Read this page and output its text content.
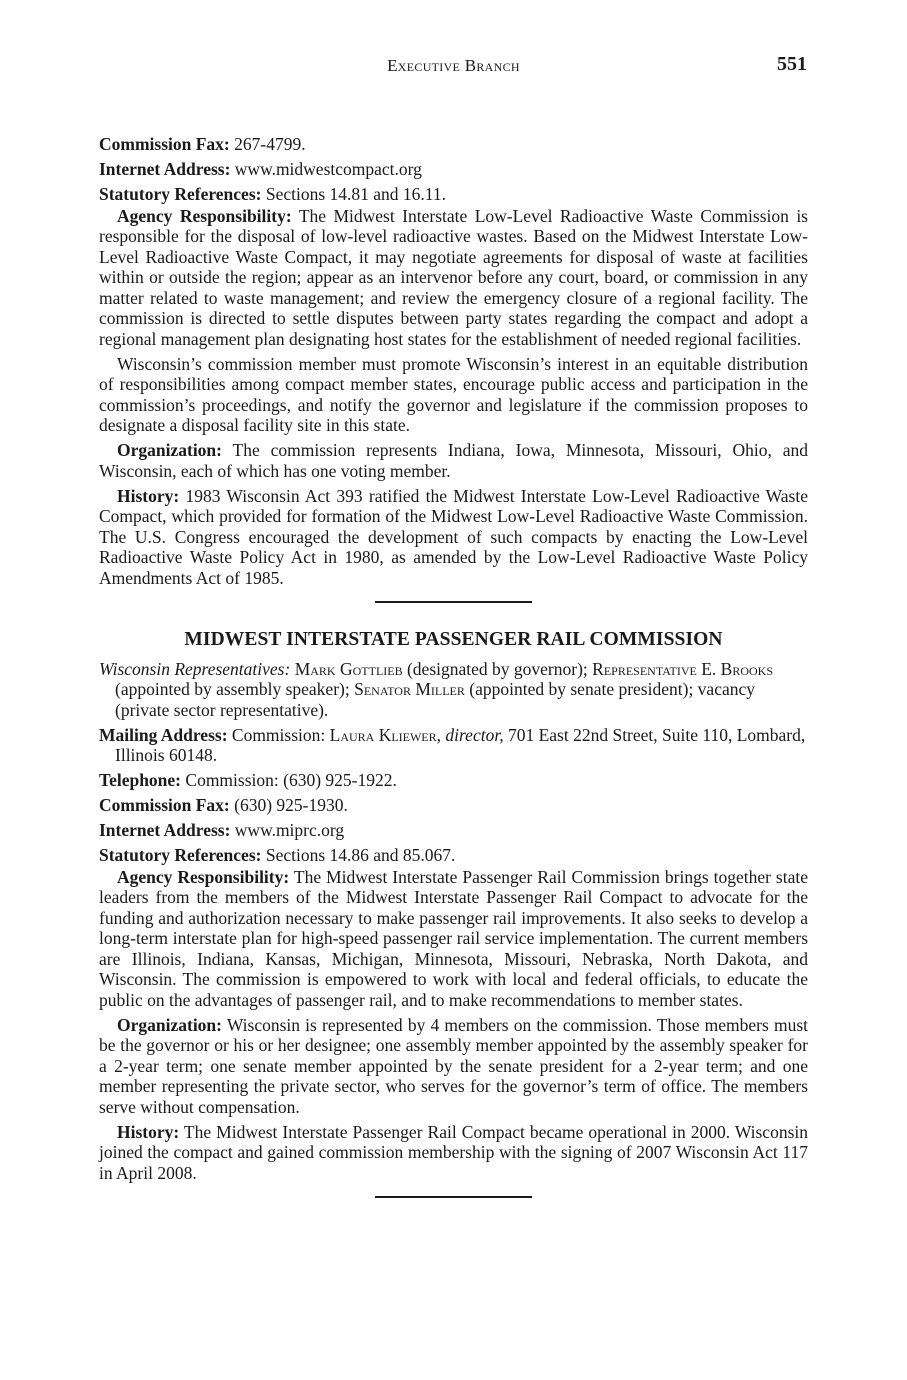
Executive Branch	551
Commission Fax: 267-4799.
Internet Address: www.midwestcompact.org
Statutory References: Sections 14.81 and 16.11.

Agency Responsibility: The Midwest Interstate Low-Level Radioactive Waste Commission is responsible for the disposal of low-level radioactive wastes. Based on the Midwest Interstate Low-Level Radioactive Waste Compact, it may negotiate agreements for disposal of waste at facilities within or outside the region; appear as an intervenor before any court, board, or commission in any matter related to waste management; and review the emergency closure of a regional facility. The commission is directed to settle disputes between party states regarding the compact and adopt a regional management plan designating host states for the establishment of needed regional facilities.

Wisconsin’s commission member must promote Wisconsin’s interest in an equitable distribution of responsibilities among compact member states, encourage public access and participation in the commission’s proceedings, and notify the governor and legislature if the commission proposes to designate a disposal facility site in this state.

Organization: The commission represents Indiana, Iowa, Minnesota, Missouri, Ohio, and Wisconsin, each of which has one voting member.

History: 1983 Wisconsin Act 393 ratified the Midwest Interstate Low-Level Radioactive Waste Compact, which provided for formation of the Midwest Low-Level Radioactive Waste Commission. The U.S. Congress encouraged the development of such compacts by enacting the Low-Level Radioactive Waste Policy Act in 1980, as amended by the Low-Level Radioactive Waste Policy Amendments Act of 1985.

MIDWEST INTERSTATE PASSENGER RAIL COMMISSION
Wisconsin Representatives: Mark Gottlieb (designated by governor); Representative E. Brooks (appointed by assembly speaker); Senator Miller (appointed by senate president); vacancy (private sector representative).
Mailing Address: Commission: Laura Kliewer, director, 701 East 22nd Street, Suite 110, Lombard, Illinois 60148.
Telephone: Commission: (630) 925-1922.
Commission Fax: (630) 925-1930.
Internet Address: www.miprc.org
Statutory References: Sections 14.86 and 85.067.

Agency Responsibility: The Midwest Interstate Passenger Rail Commission brings together state leaders from the members of the Midwest Interstate Passenger Rail Compact to advocate for the funding and authorization necessary to make passenger rail improvements. It also seeks to develop a long-term interstate plan for high-speed passenger rail service implementation. The current members are Illinois, Indiana, Kansas, Michigan, Minnesota, Missouri, Nebraska, North Dakota, and Wisconsin. The commission is empowered to work with local and federal officials, to educate the public on the advantages of passenger rail, and to make recommendations to member states.

Organization: Wisconsin is represented by 4 members on the commission. Those members must be the governor or his or her designee; one assembly member appointed by the assembly speaker for a 2-year term; one senate member appointed by the senate president for a 2-year term; and one member representing the private sector, who serves for the governor’s term of office. The members serve without compensation.

History: The Midwest Interstate Passenger Rail Compact became operational in 2000. Wisconsin joined the compact and gained commission membership with the signing of 2007 Wisconsin Act 117 in April 2008.
